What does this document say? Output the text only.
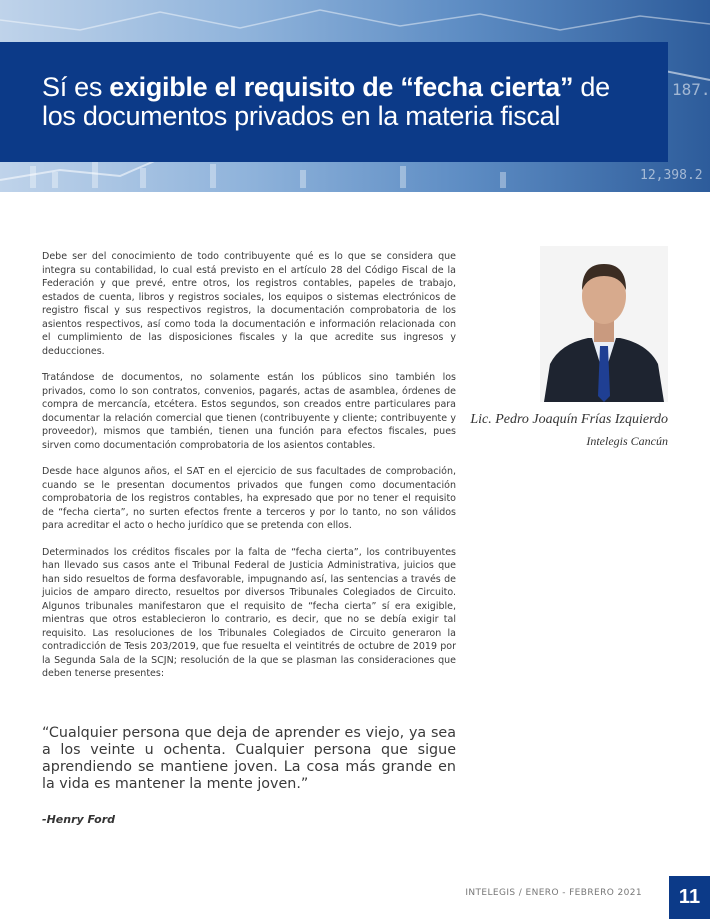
187.7
12,398.2
Sí es exigible el requisito de “fecha cierta” de los documentos privados en la materia fiscal

Debe ser del conocimiento de todo contribuyente qué es lo que se considera que integra su contabilidad, lo cual está previsto en el artículo 28 del Código Fiscal de la Federación y que prevé, entre otros, los registros contables, papeles de trabajo, estados de cuenta, libros y registros sociales, los equipos o sistemas electrónicos de registro fiscal y sus respectivos registros, la documentación comprobatoria de los asientos respectivos, así como toda la documentación e información relacionada con el cumplimiento de las disposiciones fiscales y la que acredite sus ingresos y deducciones.

Tratándose de documentos, no solamente están los públicos sino también los privados, como lo son contratos, convenios, pagarés, actas de asamblea, órdenes de compra de mercancía, etcétera. Estos segundos, son creados entre particulares para documentar la relación comercial que tienen (contribuyente y cliente; contribuyente y proveedor), mismos que también, tienen una función para efectos fiscales, pues sirven como documentación comprobatoria de los asientos contables.

Desde hace algunos años, el SAT en el ejercicio de sus facultades de comprobación, cuando se le presentan documentos privados que fungen como documentación comprobatoria de los registros contables, ha expresado que por no tener el requisito de “fecha cierta”, no surten efectos frente a terceros y por lo tanto, no son válidos para acreditar el acto o hecho jurídico que se pretenda con ellos.

Determinados los créditos fiscales por la falta de “fecha cierta”, los contribuyentes han llevado sus casos ante el Tribunal Federal de Justicia Administrativa, juicios que han sido resueltos de forma desfavorable, impugnando así, las sentencias a través de juicios de amparo directo, resueltos por diversos Tribunales Colegiados de Circuito. Algunos tribunales manifestaron que el requisito de “fecha cierta” sí era exigible, mientras que otros establecieron lo contrario, es decir, que no se debía exigir tal requisito. Las resoluciones de los Tribunales Colegiados de Circuito generaron la contradicción de Tesis 203/2019, que fue resuelta el veintitrés de octubre de 2019 por la Segunda Sala de la SCJN; resolución de la que se plasman las consideraciones que deben tenerse presentes:

Lic. Pedro Joaquín Frías Izquierdo
Intelegis Cancún

“Cualquier persona que deja de aprender es viejo, ya sea a los veinte u ochenta. Cualquier persona que sigue aprendiendo se mantiene joven. La cosa más grande en la vida es mantener la mente joven.”

-Henry Ford
INTELEGIS / ENERO - FEBRERO 2021	11
